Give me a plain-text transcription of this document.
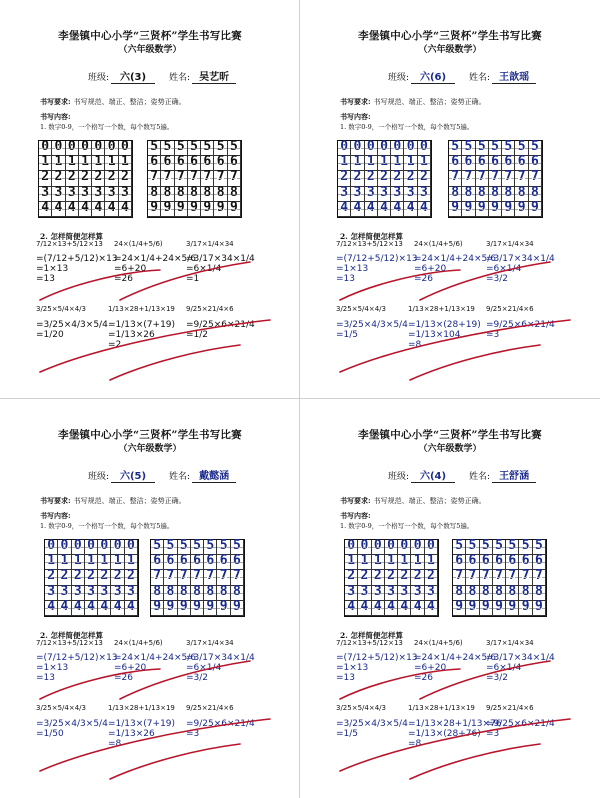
李堡镇中心小学“三贤杯”学生书写比赛
（六年级数学）
班级: 六(3)	姓名: 吴艺昕
书写要求: 书写规范、端正、整洁；姿势正确。
书写内容:
1. 数字0-9，一个格写一个数，每个数写5遍。
0 0 0 0 0 0 0
1 1 1 1 1 1 1
2 2 2 2 2 2 2
3 3 3 3 3 3 3
4 4 4 4 4 4 4
5 5 5 5 5 5 5
6 6 6 6 6 6 6
7 7 7 7 7 7 7
8 8 8 8 8 8 8
9 9 9 9 9 9 9
2. 怎样简便怎样算
7/12×13+5/12×13
=(7/12+5/12)×13
=1×13
=13
24×(1/4+5/6)
=24×1/4+24×5/6
=6+20
=26
3/17×1/4×34
=3/17×34×1/4
=6×1/4
=1
3/25×5/4×4/3
=3/25×4/3×5/4
=1/20
1/13×28+1/13×19
=1/13×(7+19)
=1/13×26
=2
9/25×21/4×6
=9/25×6×21/4
=1/2
李堡镇中心小学“三贤杯”学生书写比赛
（六年级数学）
班级: 六(6)	姓名: 王歆瑶
书写要求: 书写规范、端正、整洁；姿势正确。
书写内容:
1. 数字0-9，一个格写一个数，每个数写5遍。
0 0 0 0 0 0 0
1 1 1 1 1 1 1
2 2 2 2 2 2 2
3 3 3 3 3 3 3
4 4 4 4 4 4 4
5 5 5 5 5 5 5
6 6 6 6 6 6 6
7 7 7 7 7 7 7
8 8 8 8 8 8 8
9 9 9 9 9 9 9
2. 怎样简便怎样算
7/12×13+5/12×13
=(7/12+5/12)×13
=1×13
=13
24×(1/4+5/6)
=24×1/4+24×5/6
=6+20
=26
3/17×1/4×34
=3/17×34×1/4
=6×1/4
=3/2
3/25×5/4×4/3
=3/25×4/3×5/4
=1/5
1/13×28+1/13×19
=1/13×(28+19)
=1/13×104
=8
9/25×21/4×6
=9/25×6×21/4
=3
李堡镇中心小学“三贤杯”学生书写比赛
（六年级数学）
班级: 六(5)	姓名: 戴懿涵
书写要求: 书写规范、端正、整洁；姿势正确。
书写内容:
1. 数字0-9，一个格写一个数，每个数写5遍。
0 0 0 0 0 0 0
1 1 1 1 1 1 1
2 2 2 2 2 2 2
3 3 3 3 3 3 3
4 4 4 4 4 4 4
5 5 5 5 5 5 5
6 6 6 6 6 6 6
7 7 7 7 7 7 7
8 8 8 8 8 8 8
9 9 9 9 9 9 9
2. 怎样简便怎样算
7/12×13+5/12×13
=(7/12+5/12)×13
=1×13
=13
24×(1/4+5/6)
=24×1/4+24×5/6
=6+20
=26
3/17×1/4×34
=3/17×34×1/4
=6×1/4
=3/2
3/25×5/4×4/3
=3/25×4/3×5/4
=1/50
1/13×28+1/13×19
=1/13×(7+19)
=1/13×26
=8
9/25×21/4×6
=9/25×6×21/4
=3
李堡镇中心小学“三贤杯”学生书写比赛
（六年级数学）
班级: 六(4)	姓名: 王舒涵
书写要求: 书写规范、端正、整洁；姿势正确。
书写内容:
1. 数字0-9，一个格写一个数，每个数写5遍。
0 0 0 0 0 0 0
1 1 1 1 1 1 1
2 2 2 2 2 2 2
3 3 3 3 3 3 3
4 4 4 4 4 4 4
5 5 5 5 5 5 5
6 6 6 6 6 6 6
7 7 7 7 7 7 7
8 8 8 8 8 8 8
9 9 9 9 9 9 9
2. 怎样简便怎样算
7/12×13+5/12×13
=(7/12+5/12)×13
=1×13
=13
24×(1/4+5/6)
=24×1/4+24×5/6
=6+20
=26
3/17×1/4×34
=3/17×34×1/4
=6×1/4
=3/2
3/25×5/4×4/3
=3/25×4/3×5/4
=1/5
1/13×28+1/13×19
=1/13×28+1/13×76
=1/13×(28+76)
=8
9/25×21/4×6
=9/25×6×21/4
=3
